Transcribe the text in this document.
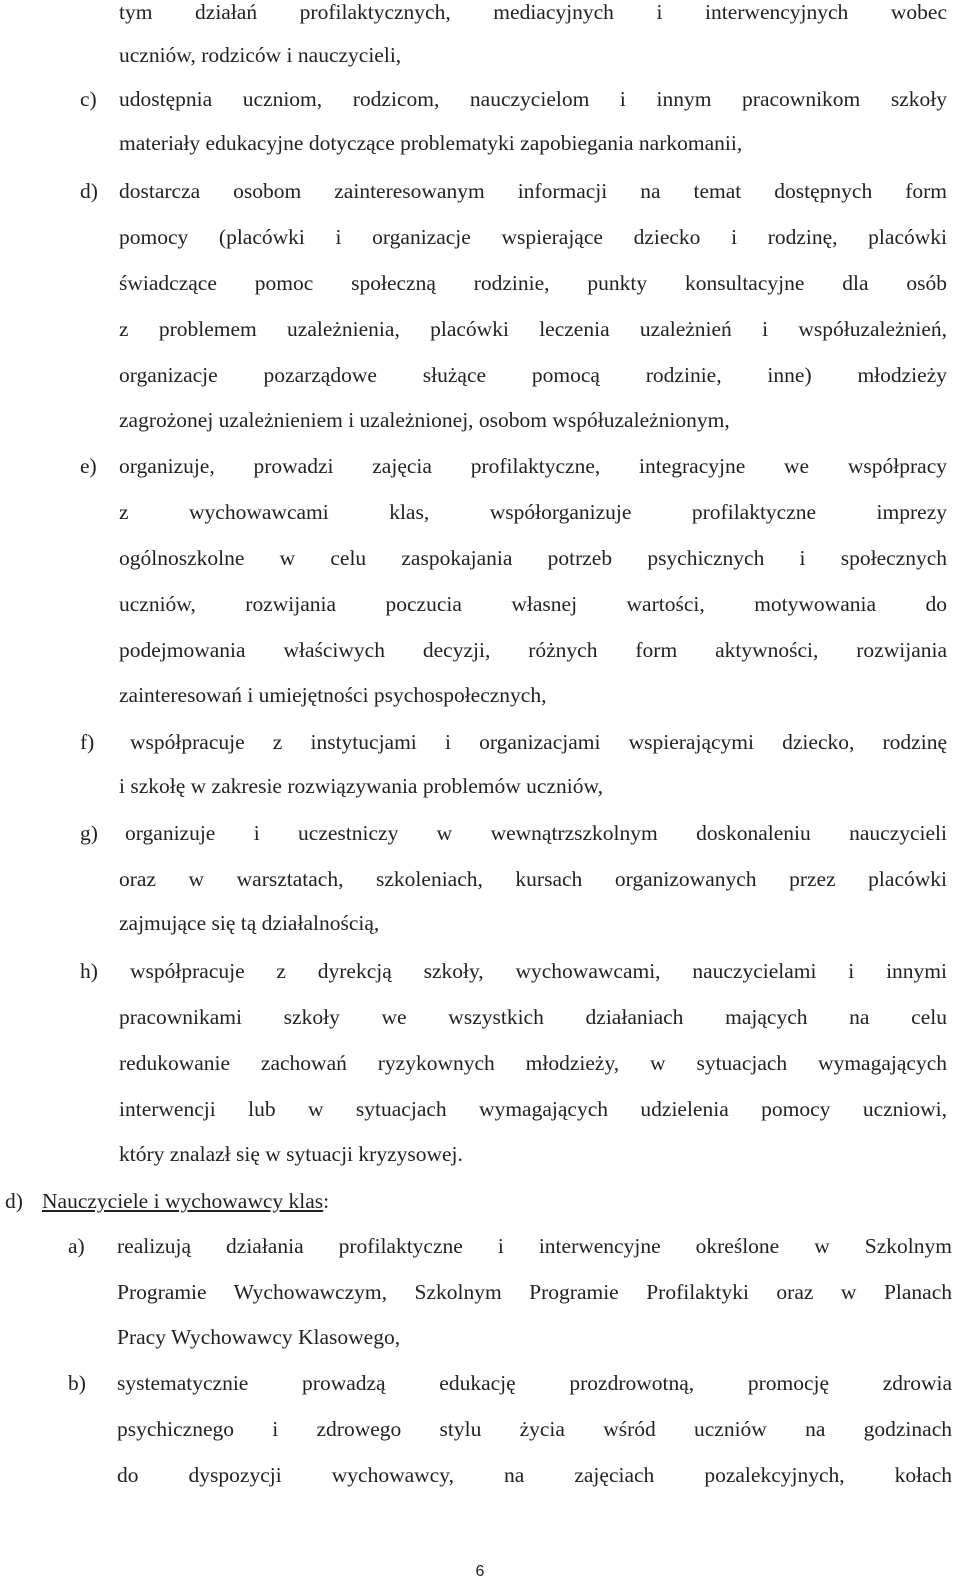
tym działań profilaktycznych, mediacyjnych i interwencyjnych wobec
uczniów, rodziców i nauczycieli,
c) udostępnia uczniom, rodzicom, nauczycielom i innym pracownikom szkoły
materiały edukacyjne dotyczące problematyki zapobiegania narkomanii,
d) dostarcza osobom zainteresowanym informacji na temat dostępnych form
pomocy (placówki i organizacje wspierające dziecko i rodzinę, placówki
świadczące pomoc społeczną rodzinie, punkty konsultacyjne dla osób
z problemem uzależnienia, placówki leczenia uzależnień i współuzależnień,
organizacje pozarządowe służące pomocą rodzinie, inne) młodzieży
zagrożonej uzależnieniem i uzależnionej, osobom współuzależnionym,
e) organizuje, prowadzi zajęcia profilaktyczne, integracyjne we współpracy
z wychowawcami klas, współorganizuje profilaktyczne imprezy
ogólnoszkolne w celu zaspokajania potrzeb psychicznych i społecznych
uczniów, rozwijania poczucia własnej wartości, motywowania do
podejmowania właściwych decyzji, różnych form aktywności, rozwijania
zainteresowań i umiejętności psychospołecznych,
f) współpracuje z instytucjami i organizacjami wspierającymi dziecko, rodzinę
i szkołę w zakresie rozwiązywania problemów uczniów,
g) organizuje i uczestniczy w wewnątrzszkolnym doskonaleniu nauczycieli
oraz w warsztatach, szkoleniach, kursach organizowanych przez placówki
zajmujące się tą działalnością,
h) współpracuje z dyrekcją szkoły, wychowawcami, nauczycielami i innymi
pracownikami szkoły we wszystkich działaniach mających na celu
redukowanie zachowań ryzykownych młodzieży, w sytuacjach wymagających
interwencji lub w sytuacjach wymagających udzielenia pomocy uczniowi,
który znalazł się w sytuacji kryzysowej.
d) Nauczyciele i wychowawcy klas:
a) realizują działania profilaktyczne i interwencyjne określone w Szkolnym
Programie Wychowawczym, Szkolnym Programie Profilaktyki oraz w Planach
Pracy Wychowawcy Klasowego,
b) systematycznie prowadzą edukację prozdrowotną, promocję zdrowia
psychicznego i zdrowego stylu życia wśród uczniów na godzinach
do dyspozycji wychowawcy, na zajęciach pozalekcyjnych, kołach
6
